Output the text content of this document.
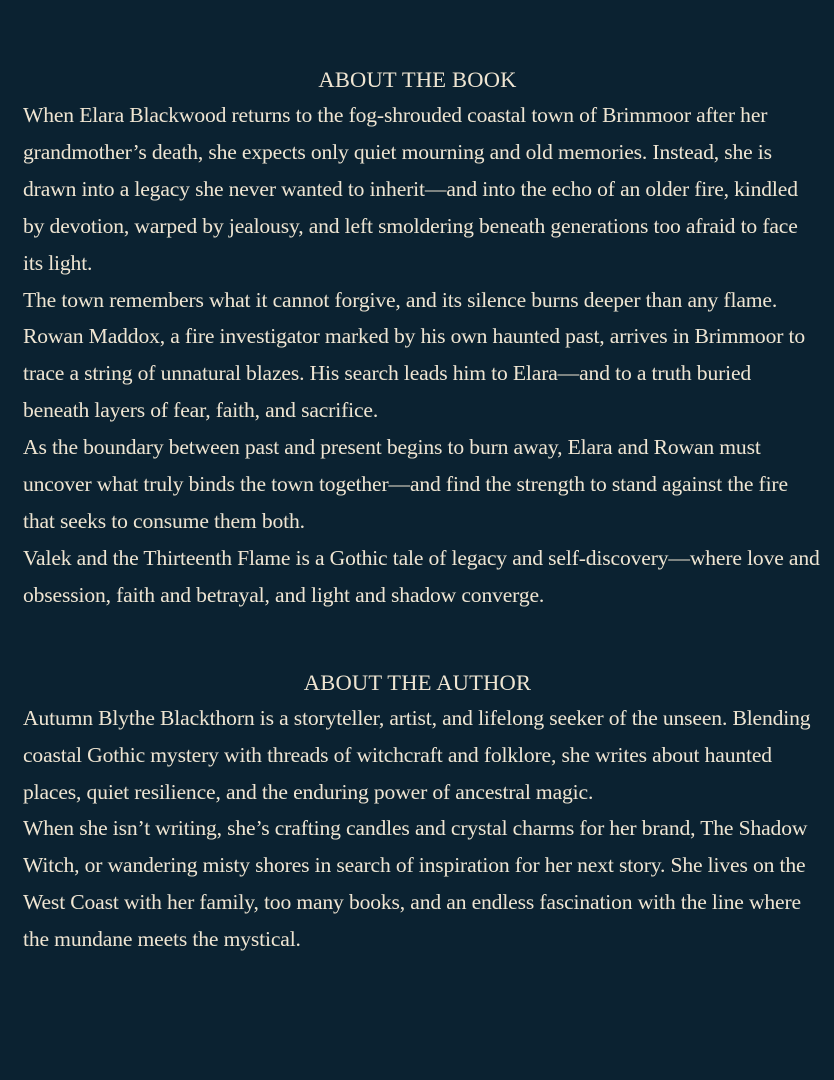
ABOUT THE BOOK

When Elara Blackwood returns to the fog-shrouded coastal town of Brimmoor after her grandmother’s death, she expects only quiet mourning and old memories. Instead, she is drawn into a legacy she never wanted to inherit—and into the echo of an older fire, kindled by devotion, warped by jealousy, and left smoldering beneath generations too afraid to face its light.

The town remembers what it cannot forgive, and its silence burns deeper than any flame.

Rowan Maddox, a fire investigator marked by his own haunted past, arrives in Brimmoor to trace a string of unnatural blazes. His search leads him to Elara—and to a truth buried beneath layers of fear, faith, and sacrifice.

As the boundary between past and present begins to burn away, Elara and Rowan must uncover what truly binds the town together—and find the strength to stand against the fire that seeks to consume them both.

Valek and the Thirteenth Flame is a Gothic tale of legacy and self-discovery—where love and obsession, faith and betrayal, and light and shadow converge.

ABOUT THE AUTHOR

Autumn Blythe Blackthorn is a storyteller, artist, and lifelong seeker of the unseen. Blending coastal Gothic mystery with threads of witchcraft and folklore, she writes about haunted places, quiet resilience, and the enduring power of ancestral magic.

When she isn’t writing, she’s crafting candles and crystal charms for her brand, The Shadow Witch, or wandering misty shores in search of inspiration for her next story. She lives on the West Coast with her family, too many books, and an endless fascination with the line where the mundane meets the mystical.
